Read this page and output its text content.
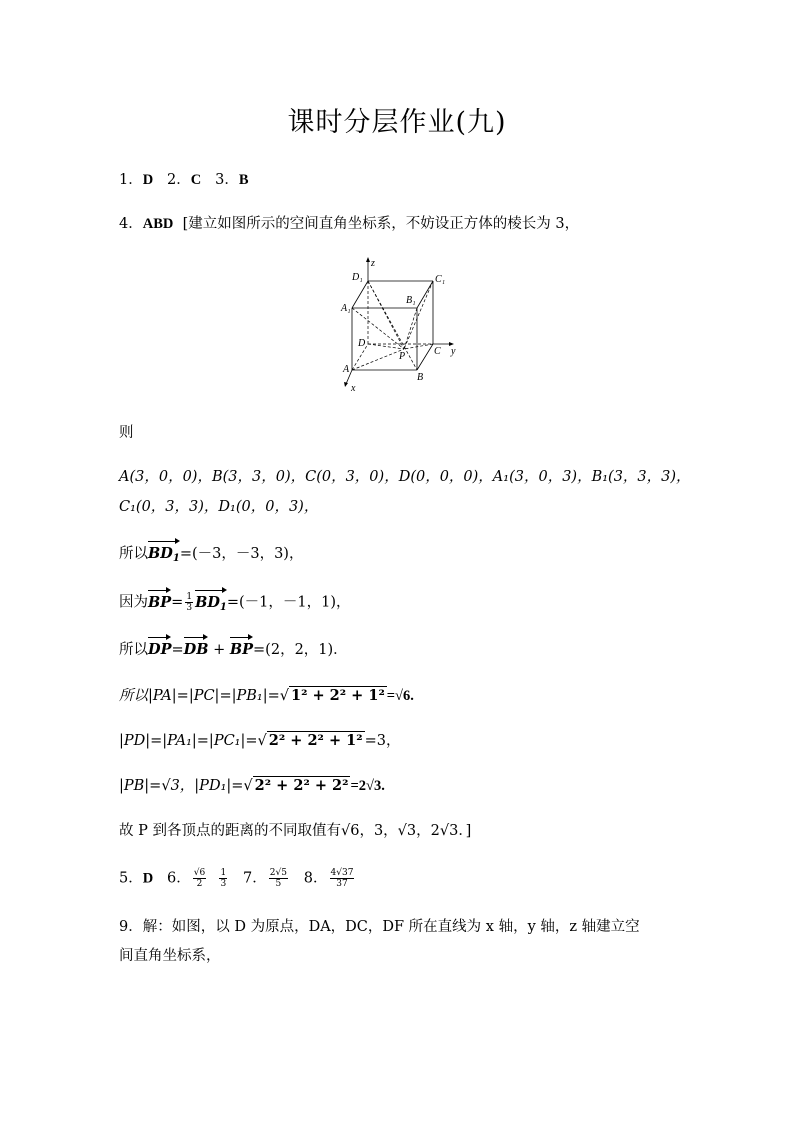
课时分层作业(九)
1．D 2．C 3．B
4．ABD [建立如图所示的空间直角坐标系，不妨设正方体的棱长为 3，
D₁
z
C₁
A₁
B₁
D
P	C y
A
B
x
则
A(3，0，0)，B(3，3，0)，C(0，3，0)，D(0，0，0)，A₁(3，0，3)，B₁(3，3，3)，
C₁(0，3，3)，D₁(0，0，3)，
所以$BD_1=(-3$，－3，3)，
因为$BP= \frac{1}{3} BD_1=(-1$，－1，1)，
所以DP=DB + BP=(2，2，1)．
所以|PA|=|PC|=|PB₁|=√ 1² + 2² + 1² =√6.
|PD|=|PA₁|=|PC₁|=√ 2² + 2² + 1² =3，
|PB|=√3，|PD₁|=√ 2² + 2² + 2² =2√3.
故 P 到各顶点的距离的不同取值有√6，3，√3，2√3．]
5．D 6． $\frac{√6}{2}$
$\frac{1}{3} 7$． $\frac{2√5}{5} 8$． $\frac{4√37}{37}$
9．解：如图，以 D 为原点，DA，DC，DF 所在直线为 x 轴，y 轴，z 轴建立空
间直角坐标系，
